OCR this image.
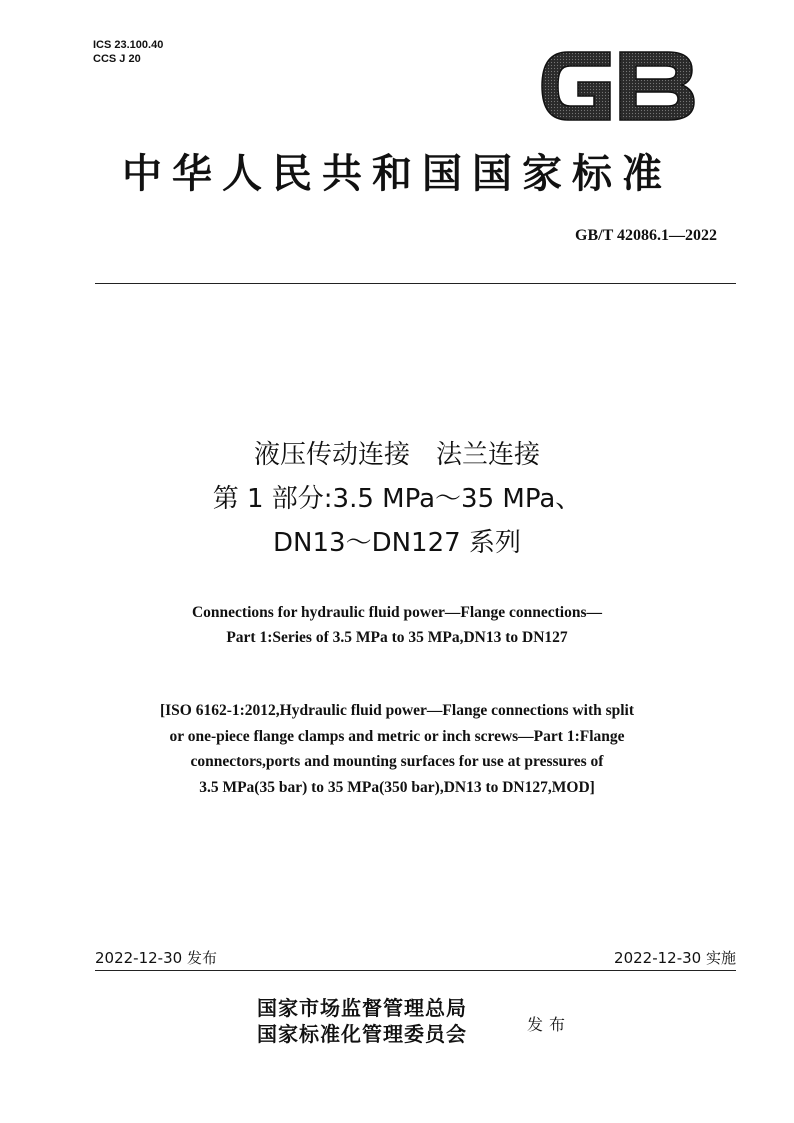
ICS 23.100.40
CCS J 20
中华人民共和国国家标准
GB/T 42086.1—2022
液压传动连接　法兰连接
第 1 部分:3.5 MPa～35 MPa、
DN13～DN127 系列
Connections for hydraulic fluid power—Flange connections—
Part 1:Series of 3.5 MPa to 35 MPa,DN13 to DN127
[ISO 6162-1:2012,Hydraulic fluid power—Flange connections with split
or one-piece flange clamps and metric or inch screws—Part 1:Flange
connectors,ports and mounting surfaces for use at pressures of
3.5 MPa(35 bar) to 35 MPa(350 bar),DN13 to DN127,MOD]
2022-12-30 发布	2022-12-30 实施
国家市场监督管理总局
国家标准化管理委员会	发布
